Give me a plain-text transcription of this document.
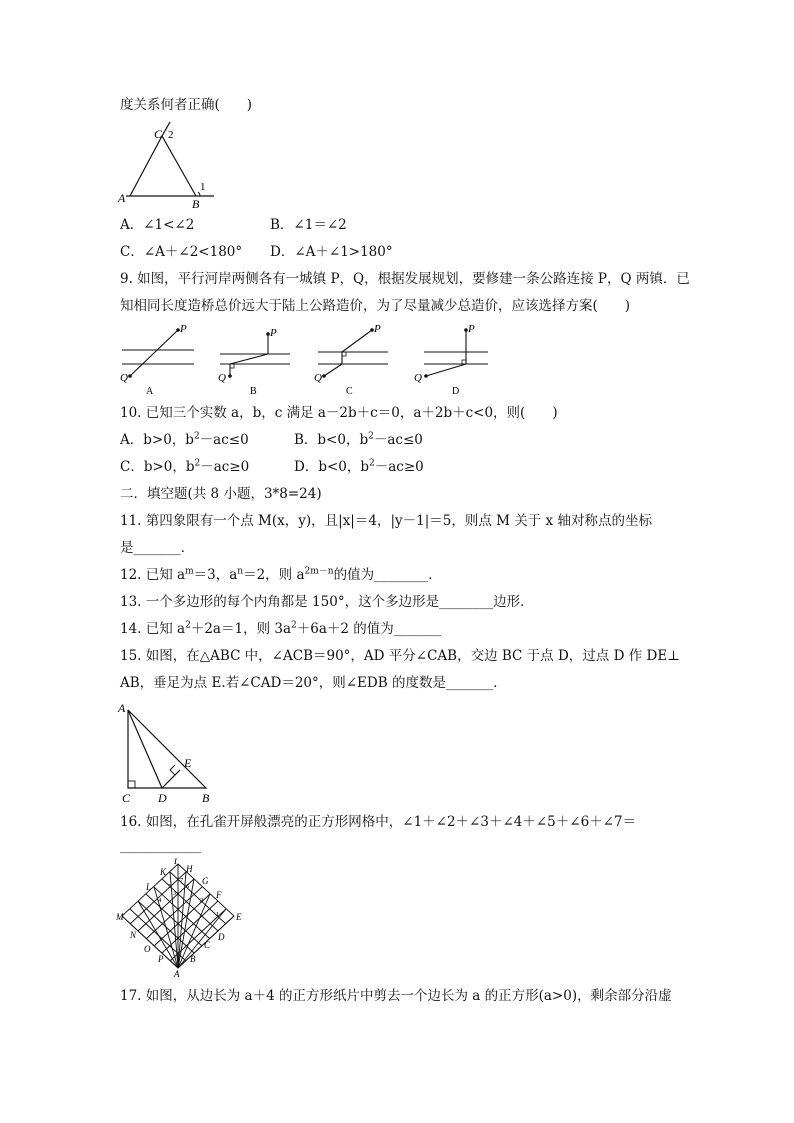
度关系何者正确(　　)
C 2
A	B
1
A．∠1<∠2	B．∠1＝∠2
C．∠A＋∠2<180° D．∠A＋∠1>180°
9. 如图，平行河岸两侧各有一城镇 P，Q，根据发展规划，要修建一条公路连接 P，Q 两镇．已
知相同长度造桥总价远大于陆上公路造价，为了尽量减少总造价，应该选择方案(　　)
P
Q
A
P
Q
B
P
Q
C
P
Q
D
10. 已知三个实数 a，b，c 满足 a－2b＋c＝0，a＋2b＋c<0，则(　　)
A．b>0，$b^2-ac\le 0$	B．b<0，$b^2-ac\le 0$
C．b>0，$b^2-ac\ge 0$	D．b<0，$b^2-ac\ge 0$
二．填空题(共 8 小题，3*8=24)
11. 第四象限有一个点 M(x，y)，且|x|＝4，|y－1|＝5，则点 M 关于 x 轴对称点的坐标
是_______．
12. 已知 $a^m=3$，$a^n=2$，则 $a^{2m-n}$的值为________．
13. 一个多边形的每个内角都是 150°，这个多边形是________边形．
14. 已知 $a^2+2a=1$，则 $3a^2+6a+2$ 的值为_______
15. 如图，在△ABC 中，∠ACB＝90°，AD 平分∠CAB，交边 BC 于点 D，过点 D 作 DE⊥
AB，垂足为点 E.若∠CAD＝20°，则∠EDB 的度数是_______．
A
E
C D	B
16. 如图，在孔雀开屏般漂亮的正方形网格中，∠1＋∠2＋∠3＋∠4＋∠5＋∠6＋∠7＝
____________
I
H
K
G
F
L
M	E
N	D
O	C
P	B
A
7
6
5
4
3
2
1
17. 如图，从边长为 a＋4 的正方形纸片中剪去一个边长为 a 的正方形(a>0)，剩余部分沿虚
